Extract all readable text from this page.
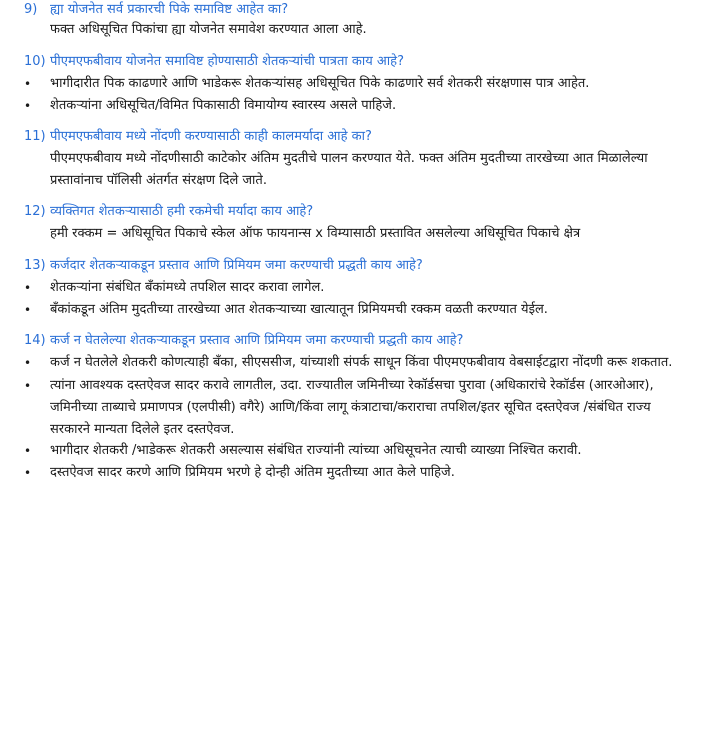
9) ह्या योजनेत सर्व प्रकारची पिके समाविष्ट आहेत का?
फक्त अधिसूचित पिकांचा ह्या योजनेत समावेश करण्यात आला आहे.
10) पीएमएफबीवाय योजनेत समाविष्ट होण्यासाठी शेतकऱ्यांची पात्रता काय आहे?
•	भागीदारीत पिक काढणारे आणि भाडेकरू शेतकऱ्यांसह अधिसूचित पिके काढणारे सर्व शेतकरी संरक्षणास पात्र आहेत.
•	शेतकऱ्यांना अधिसूचित/विमित पिकासाठी विमायोग्य स्वारस्य असले पाहिजे.
11) पीएमएफबीवाय मध्ये नोंदणी करण्यासाठी काही कालमर्यादा आहे का?
पीएमएफबीवाय मध्ये नोंदणीसाठी काटेकोर अंतिम मुदतीचे पालन करण्यात येते. फक्त अंतिम मुदतीच्या तारखेच्या आत मिळालेल्या प्रस्तावांनाच पॉलिसी अंतर्गत संरक्षण दिले जाते.
12) व्यक्तिगत शेतकऱ्यासाठी हमी रकमेची मर्यादा काय आहे?
हमी रक्कम = अधिसूचित पिकाचे स्केल ऑफ फायनान्स x विम्यासाठी प्रस्तावित असलेल्या अधिसूचित पिकाचे क्षेत्र
13) कर्जदार शेतकऱ्याकडून प्रस्ताव आणि प्रिमियम जमा करण्याची प्रद्धती काय आहे?
•	शेतकऱ्यांना संबंधित बँकांमध्ये तपशिल सादर करावा लागेल.
•	बँकांकडून अंतिम मुदतीच्या तारखेच्या आत शेतकऱ्याच्या खात्यातून प्रिमियमची रक्कम वळती करण्यात येईल.
14) कर्ज न घेतलेल्या शेतकऱ्याकडून प्रस्ताव आणि प्रिमियम जमा करण्याची प्रद्धती काय आहे?
•	कर्ज न घेतलेले शेतकरी कोणत्याही बँका, सीएससीज, यांच्याशी संपर्क साधून किंवा पीएमएफबीवाय वेबसाईटद्वारा नोंदणी करू शकतात.
•	त्यांना आवश्यक दस्तऐवज सादर करावे लागतील, उदा. राज्यातील जमिनीच्या रेकॉर्डसचा पुरावा (अधिकारांचे रेकॉर्डस (आरओआर), जमिनीच्या ताब्याचे प्रमाणपत्र (एलपीसी) वगैरे) आणि/किंवा लागू कंत्राटाचा/कराराचा तपशिल/इतर सूचित दस्तऐवज /संबंधित राज्य सरकारने मान्यता दिलेले इतर दस्तऐवज.
•	भागीदार शेतकरी /भाडेकरू शेतकरी असल्यास संबंधित राज्यांनी त्यांच्या अधिसूचनेत त्याची व्याख्या निश्चित करावी.
•	दस्तऐवज सादर करणे आणि प्रिमियम भरणे हे दोन्ही अंतिम मुदतीच्या आत केले पाहिजे.
